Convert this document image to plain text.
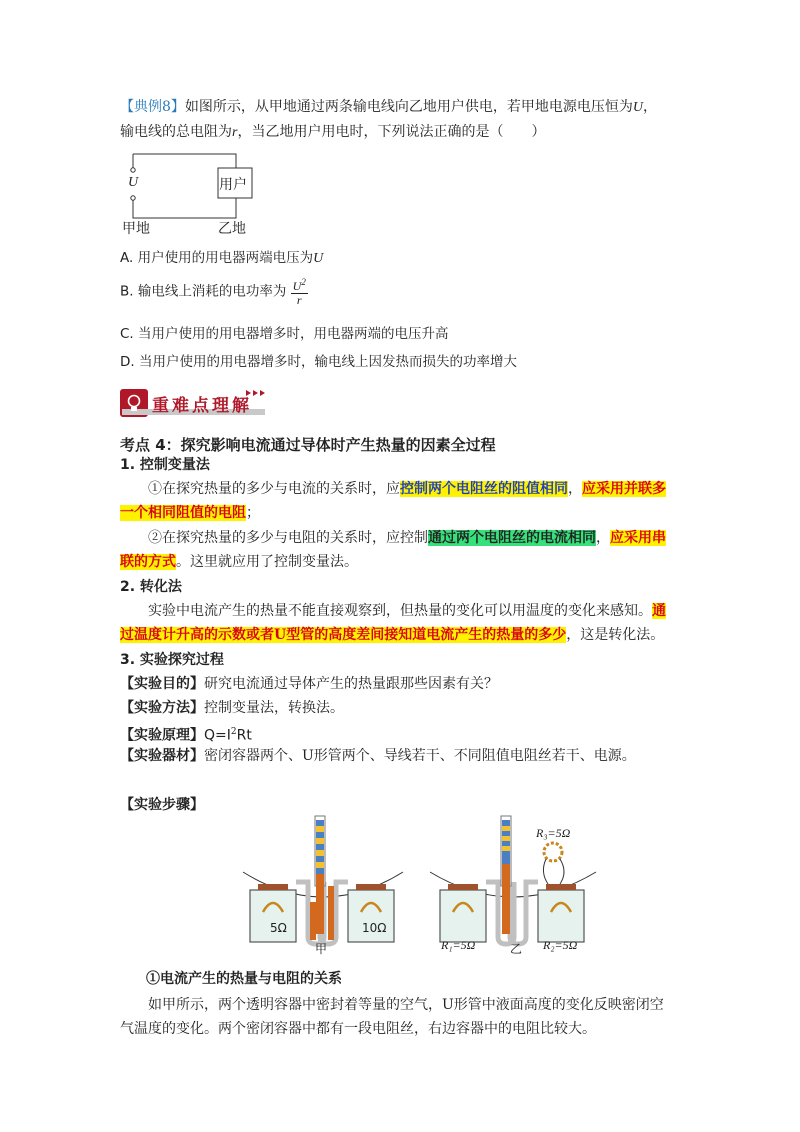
【典例8】如图所示，从甲地通过两条输电线向乙地用户供电，若甲地电源电压恒为U，
输电线的总电阻为r，当乙地用户用电时，下列说法正确的是（　　）
U	用户
甲地	乙地
A. 用户使用的用电器两端电压为U
B. 输电线上消耗的电功率为 $\frac{U^2}{r}$
C. 当用户使用的用电器增多时，用电器两端的电压升高
D. 当用户使用的用电器增多时，输电线上因发热而损失的功率增大
重难点理解
考点 4：探究影响电流通过导体时产生热量的因素全过程
1. 控制变量法
①在探究热量的多少与电流的关系时，应控制两个电阻丝的阻值相同，应采用并联多
一个相同阻值的电阻；
②在探究热量的多少与电阻的关系时，应控制通过两个电阻丝的电流相同，应采用串
联的方式。这里就应用了控制变量法。
2. 转化法
实验中电流产生的热量不能直接观察到，但热量的变化可以用温度的变化来感知。通
过温度计升高的示数或者U型管的高度差间接知道电流产生的热量的多少，这是转化法。
3. 实验探究过程
【实验目的】研究电流通过导体产生的热量跟那些因素有关？
【实验方法】控制变量法，转换法。
【实验原理】$Q=I^2Rt$
【实验器材】密闭容器两个、U形管两个、导线若干、不同阻值电阻丝若干、电源。
【实验步骤】
5Ω	10Ω
甲
R₃=5Ω
R₁=5Ω	R₂=5Ω
乙
①电流产生的热量与电阻的关系
如甲所示，两个透明容器中密封着等量的空气，U形管中液面高度的变化反映密闭空
气温度的变化。两个密闭容器中都有一段电阻丝，右边容器中的电阻比较大。
